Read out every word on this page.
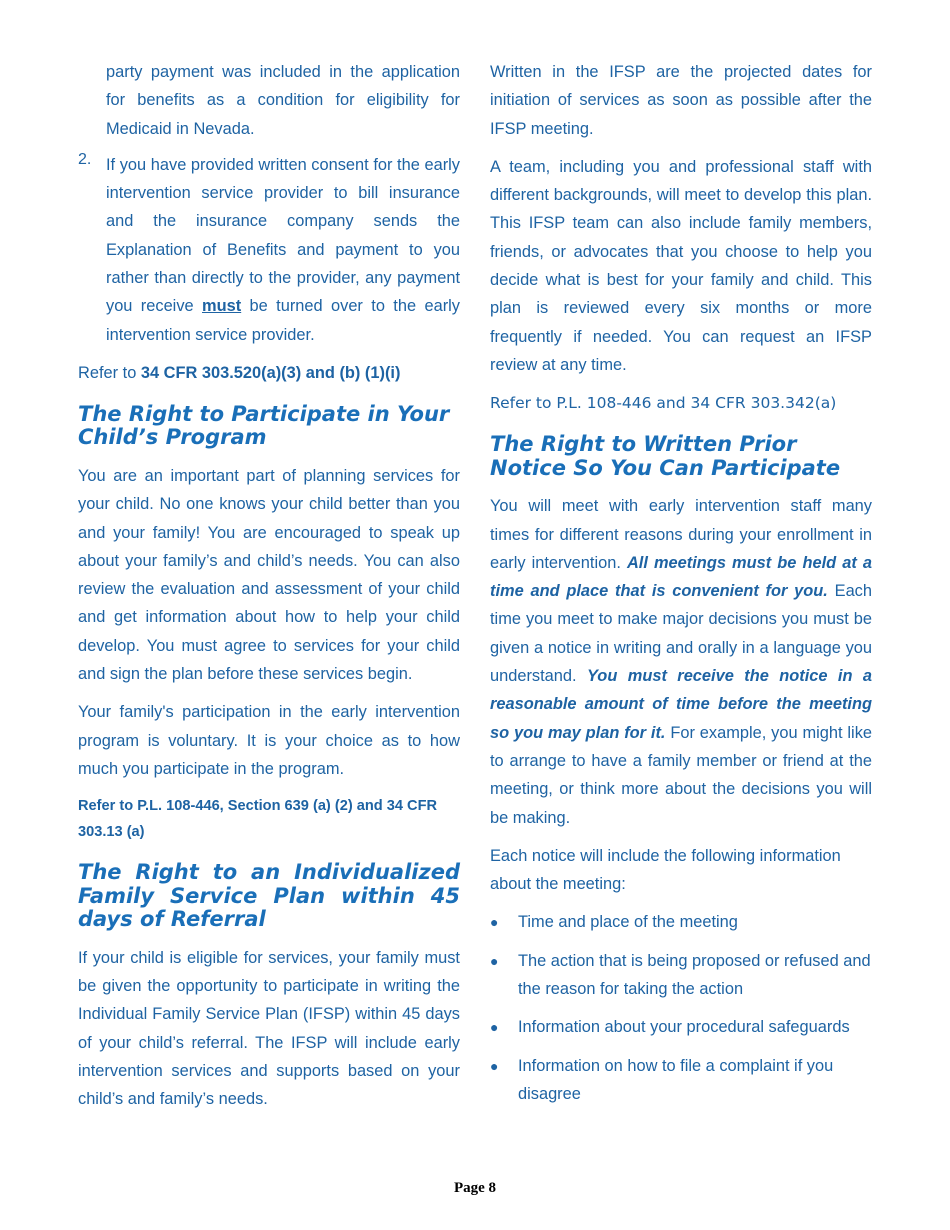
party payment was included in the application for benefits as a condition for eligibility for Medicaid in Nevada.

2. If you have provided written consent for the early intervention service provider to bill insurance and the insurance company sends the Explanation of Benefits and payment to you rather than directly to the provider, any payment you receive must be turned over to the early intervention service provider.

Refer to 34 CFR 303.520(a)(3) and (b) (1)(i)

The Right to Participate in Your Child’s Program

You are an important part of planning services for your child. No one knows your child better than you and your family! You are encouraged to speak up about your family’s and child’s needs. You can also review the evaluation and assessment of your child and get information about how to help your child develop. You must agree to services for your child and sign the plan before these services begin.

Your family's participation in the early intervention program is voluntary. It is your choice as to how much you participate in the program.

Refer to P.L. 108-446, Section 639 (a) (2) and 34 CFR 303.13 (a)

The Right to an Individualized Family Service Plan within 45 days of Referral

If your child is eligible for services, your family must be given the opportunity to participate in writing the Individual Family Service Plan (IFSP) within 45 days of your child’s referral. The IFSP will include early intervention services and supports based on your child’s and family’s needs.

Written in the IFSP are the projected dates for initiation of services as soon as possible after the IFSP meeting.

A team, including you and professional staff with different backgrounds, will meet to develop this plan. This IFSP team can also include family members, friends, or advocates that you choose to help you decide what is best for your family and child. This plan is reviewed every six months or more frequently if needed. You can request an IFSP review at any time.

Refer to P.L. 108-446 and 34 CFR 303.342(a)

The Right to Written Prior Notice So You Can Participate

You will meet with early intervention staff many times for different reasons during your enrollment in early intervention. All meetings must be held at a time and place that is convenient for you. Each time you meet to make major decisions you must be given a notice in writing and orally in a language you understand. You must receive the notice in a reasonable amount of time before the meeting so you may plan for it. For example, you might like to arrange to have a family member or friend at the meeting, or think more about the decisions you will be making.

Each notice will include the following information about the meeting:

● Time and place of the meeting

● The action that is being proposed or refused and the reason for taking the action

● Information about your procedural safeguards

● Information on how to file a complaint if you disagree

Page 8
